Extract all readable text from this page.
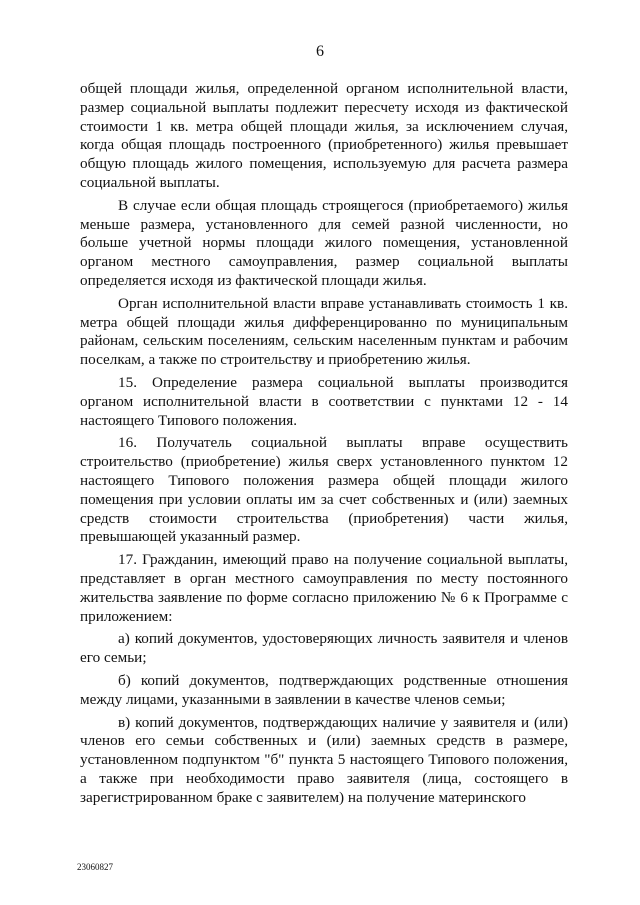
6

общей площади жилья, определенной органом исполнительной власти, размер социальной выплаты подлежит пересчету исходя из фактической стоимости 1 кв. метра общей площади жилья, за исключением случая, когда общая площадь построенного (приобретенного) жилья превышает общую площадь жилого помещения, используемую для расчета размера социальной выплаты.

В случае если общая площадь строящегося (приобретаемого) жилья меньше размера, установленного для семей разной численности, но больше учетной нормы площади жилого помещения, установленной органом местного самоуправления, размер социальной выплаты определяется исходя из фактической площади жилья.

Орган исполнительной власти вправе устанавливать стоимость 1 кв. метра общей площади жилья дифференцированно по муниципальным районам, сельским поселениям, сельским населенным пунктам и рабочим поселкам, а также по строительству и приобретению жилья.

15. Определение размера социальной выплаты производится органом исполнительной власти в соответствии с пунктами 12 - 14 настоящего Типового положения.

16. Получатель социальной выплаты вправе осуществить строительство (приобретение) жилья сверх установленного пунктом 12 настоящего Типового положения размера общей площади жилого помещения при условии оплаты им за счет собственных и (или) заемных средств стоимости строительства (приобретения) части жилья, превышающей указанный размер.

17. Гражданин, имеющий право на получение социальной выплаты, представляет в орган местного самоуправления по месту постоянного жительства заявление по форме согласно приложению № 6 к Программе с приложением:

а) копий документов, удостоверяющих личность заявителя и членов его семьи;

б) копий документов, подтверждающих родственные отношения между лицами, указанными в заявлении в качестве членов семьи;

в) копий документов, подтверждающих наличие у заявителя и (или) членов его семьи собственных и (или) заемных средств в размере, установленном подпунктом "б" пункта 5 настоящего Типового положения, а также при необходимости право заявителя (лица, состоящего в зарегистрированном браке с заявителем) на получение материнского

23060827
